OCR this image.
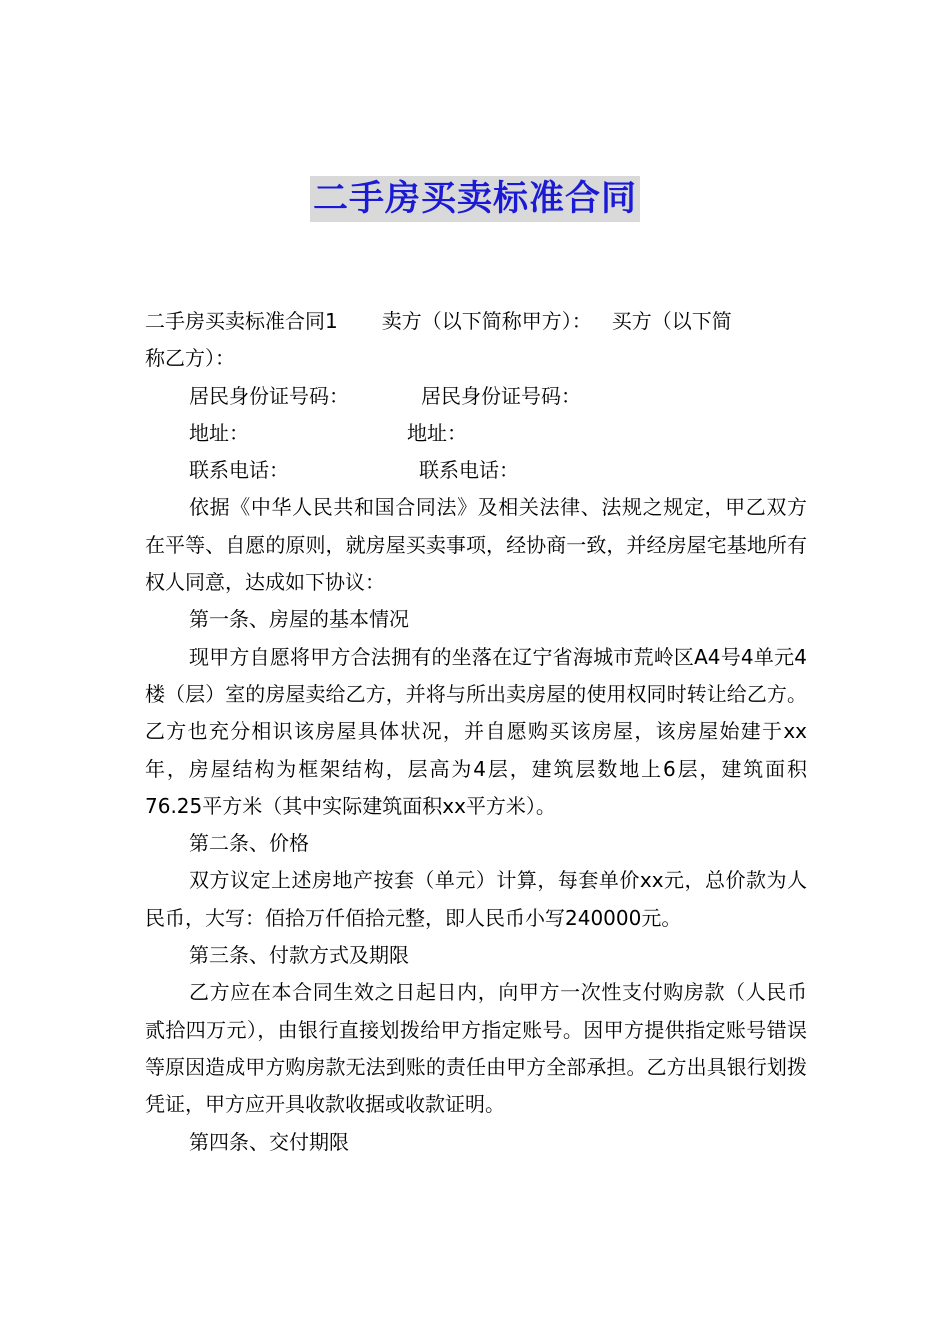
二手房买卖标准合同

二手房买卖标准合同1 卖方（以下简称甲方）： 买方（以下简
称乙方）：

居民身份证号码：	居民身份证号码：

地址：	地址：

联系电话：	联系电话：

依据《中华人民共和国合同法》及相关法律、法规之规定，甲乙双方在平等、自愿的原则，就房屋买卖事项，经协商一致，并经房屋宅基地所有权人同意，达成如下协议：

第一条、房屋的基本情况

现甲方自愿将甲方合法拥有的坐落在辽宁省海城市荒岭区A4号4单元4楼（层）室的房屋卖给乙方，并将与所出卖房屋的使用权同时转让给乙方。乙方也充分相识该房屋具体状况，并自愿购买该房屋，该房屋始建于xx年，房屋结构为框架结构，层高为4层，建筑层数地上6层，建筑面积76.25平方米（其中实际建筑面积xx平方米）。

第二条、价格

双方议定上述房地产按套（单元）计算，每套单价xx元，总价款为人民币，大写：佰拾万仟佰拾元整，即人民币小写240000元。

第三条、付款方式及期限

乙方应在本合同生效之日起日内，向甲方一次性支付购房款（人民币贰拾四万元），由银行直接划拨给甲方指定账号。因甲方提供指定账号错误等原因造成甲方购房款无法到账的责任由甲方全部承担。乙方出具银行划拨凭证，甲方应开具收款收据或收款证明。

第四条、交付期限
